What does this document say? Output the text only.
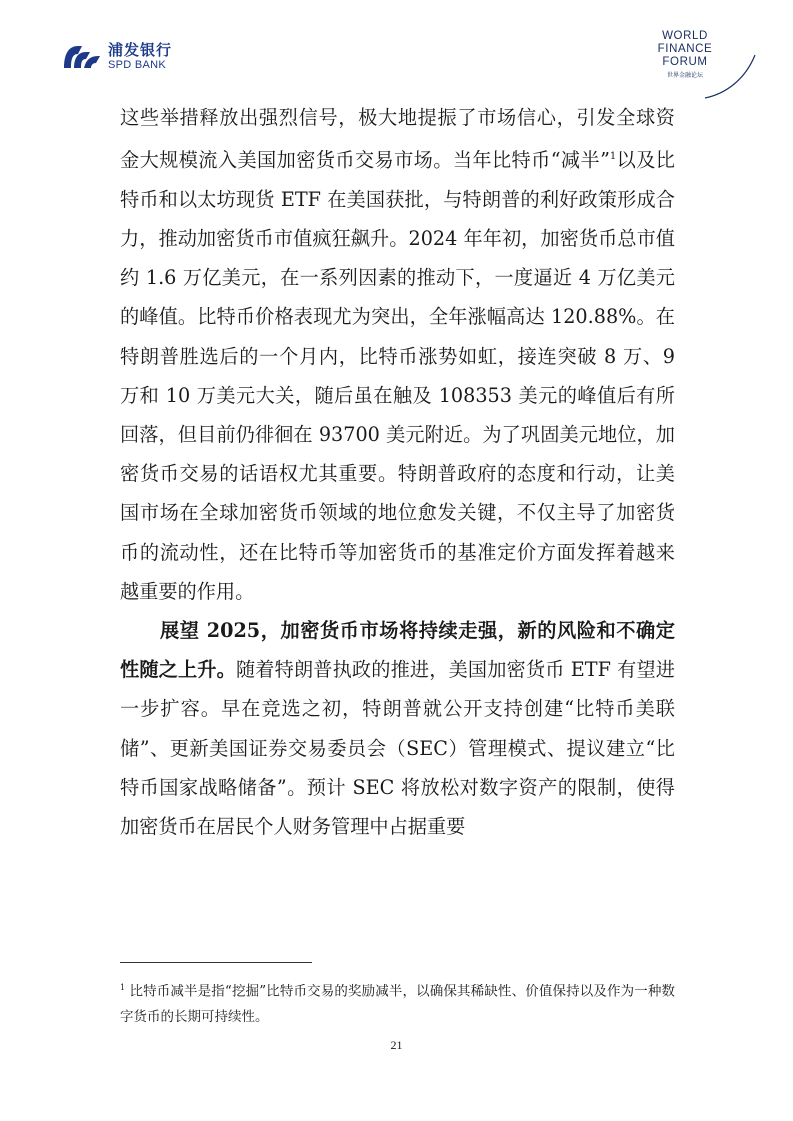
浦发银行
SPD BANK
WORLD
FINANCE
FORUM
世界金融论坛

这些举措释放出强烈信号，极大地提振了市场信心，引发全球资金大规模流入美国加密货币交易市场。当年比特币“减半”$^1$以及比特币和以太坊现货 ETF 在美国获批，与特朗普的利好政策形成合力，推动加密货币市值疯狂飙升。2024 年年初，加密货币总市值约 1.6 万亿美元，在一系列因素的推动下，一度逼近 4 万亿美元的峰值。比特币价格表现尤为突出，全年涨幅高达 120.88%。在特朗普胜选后的一个月内，比特币涨势如虹，接连突破 8 万、9 万和 10 万美元大关，随后虽在触及 108353 美元的峰值后有所回落，但目前仍徘徊在 93700 美元附近。为了巩固美元地位，加密货币交易的话语权尤其重要。特朗普政府的态度和行动，让美国市场在全球加密货币领域的地位愈发关键，不仅主导了加密货币的流动性，还在比特币等加密货币的基准定价方面发挥着越来越重要的作用。

展望 2025，加密货币市场将持续走强，新的风险和不确定性随之上升。随着特朗普执政的推进，美国加密货币 ETF 有望进一步扩容。早在竞选之初，特朗普就公开支持创建“比特币美联储”、更新美国证券交易委员会（SEC）管理模式、提议建立“比特币国家战略储备”。预计 SEC 将放松对数字资产的限制，使得加密货币在居民个人财务管理中占据重要

$^1$ 比特币减半是指“挖掘”比特币交易的奖励减半，以确保其稀缺性、价值保持以及作为一种数字货币的长期可持续性。
21
